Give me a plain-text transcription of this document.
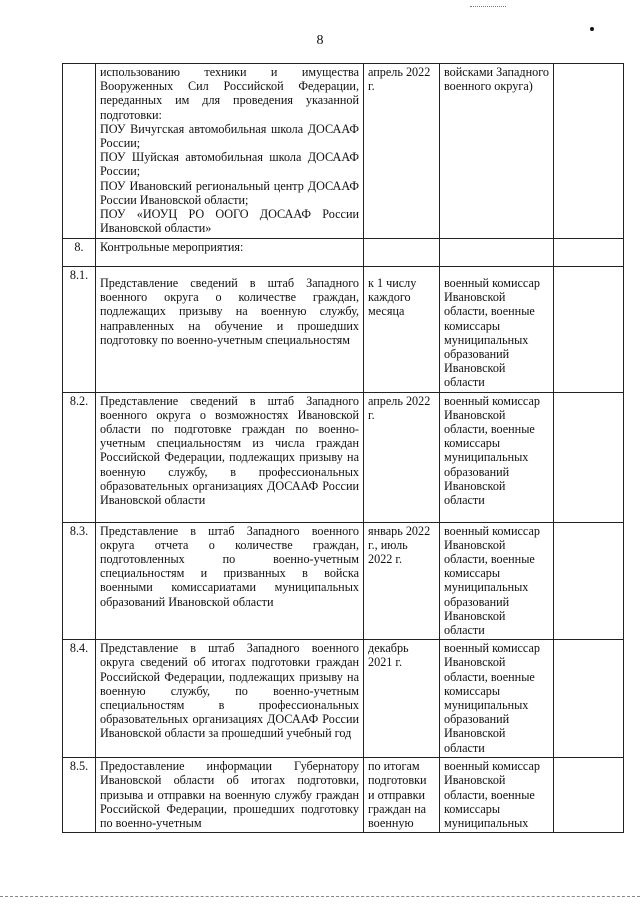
8

	использованию техники и имущества Вооруженных Сил Российской Федерации, переданных им для проведения указанной подготовки:
ПОУ Вичугская автомобильная школа ДОСААФ России;
ПОУ Шуйская автомобильная школа ДОСААФ России;
ПОУ Ивановский региональный центр ДОСААФ России Ивановской области;
ПОУ «ИОУЦ РО ООГО ДОСААФ России Ивановской области»	апрель 2022 г.	войсками Западного военного округа)	
8.	Контрольные мероприятия:			

8.1.	Представление сведений в штаб Западного военного округа о количестве граждан, подлежащих призыву на военную службу, направленных на обучение и прошедших подготовку по военно-учетным специальностям	к 1 числу каждого месяца	военный комиссар Ивановской области, военные комиссары муниципальных образований Ивановской области	
8.2.	Представление сведений в штаб Западного военного округа о возможностях Ивановской области по подготовке граждан по военно-учетным специальностям из числа граждан Российской Федерации, подлежащих призыву на военную службу, в профессиональных образовательных организациях ДОСААФ России Ивановской области	апрель 2022 г.	военный комиссар Ивановской области, военные комиссары муниципальных образований Ивановской области	
8.3.	Представление в штаб Западного военного округа отчета о количестве граждан, подготовленных по военно-учетным специальностям и призванных в войска военными комиссариатами муниципальных образований Ивановской области	январь 2022 г., июль 2022 г.	военный комиссар Ивановской области, военные комиссары муниципальных образований Ивановской области	
8.4.	Представление в штаб Западного военного округа сведений об итогах подготовки граждан Российской Федерации, подлежащих призыву на военную службу, по военно-учетным специальностям в профессиональных образовательных организациях ДОСААФ России Ивановской области за прошедший учебный год	декабрь 2021 г.	военный комиссар Ивановской области, военные комиссары муниципальных образований Ивановской области	
8.5.	Предоставление информации Губернатору Ивановской области об итогах подготовки, призыва и отправки на военную службу граждан Российской Федерации, прошедших подготовку по военно-учетным	по итогам подготовки и отправки граждан на военную	военный комиссар Ивановской области, военные комиссары муниципальных	
